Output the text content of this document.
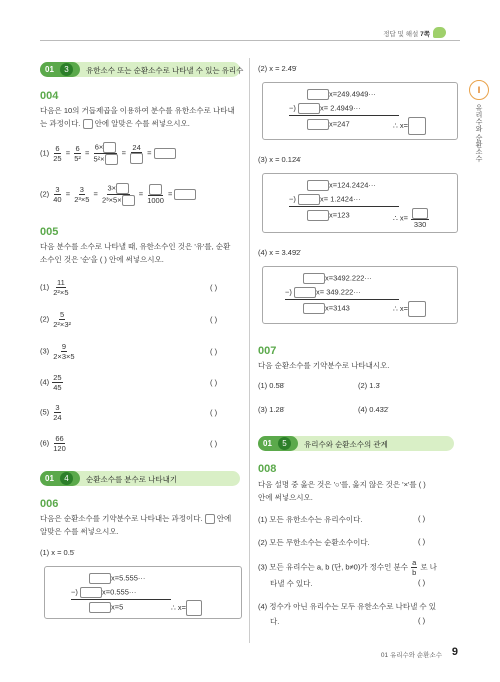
정답 및 해설 7쪽
I
유리수와 순환소수
01	3	유한소수 또는 순환소수로 나타낼 수 있는 유리수
004
다음은 10의 거듭제곱을 이용하여 분수를 유한소수로 나타내
는 과정이다. 안에 알맞은 수를 써넣으시오.
$(1) \frac{6}{25} = \frac{6}{\text{5²}} = \frac{6\times}{\text{5²×}}$ =
24
=
$(2) \frac{3}{40} = \frac{3}{\text{2³×5}} = \frac{3\times}{\text{2³×5×}}$ =
1000
=
005
다음 분수를 소수로 나타낼 때, 유한소수인 것은 '유'를, 순환
소수인 것은 '순'을 ( ) 안에 써넣으시오.
$(1) \frac{11}{\text{2²×5}}$	( )
$(2) \frac{5}{\text{2²×3²}}$	( )
$(3) \frac{9}{2\times 3\times 5}$	( )
$(4) \frac{25}{45}$	( )
$(5) \frac{3}{24}$	( )
$(6) \frac{66}{120}$	( )
01	4	순환소수를 분수로 나타내기
006
다음은 순환소수를 기약분수로 나타내는 과정이다. 안에
알맞은 수를 써넣으시오.
(1) x = 0.5̇
x=5.555···
−)	x=0.555···
x=5	∴ x=
(2) x = 2.4̇9̇
x=249.4949···
−)	x= 2.4949···
x=247	∴ x=
(3) x = 0.12̇4̇
x=124.2424···
−)	x= 1.2424···
x=123	∴ x=
330
(4) x = 3.49̇2̇
x=3492.222···
−)	x= 349.222···
x=3143	∴ x=
007
다음 순환소수를 기약분수로 나타내시오.
(1) 0.5̇8̇	(2) 1.3̇
(3) 1.28̇	(4) 0.43̇2̇
01	5	유리수와 순환소수의 관계
008
다음 설명 중 옳은 것은 '○'를, 옳지 않은 것은 '×'를 ( )
안에 써넣으시오.
(1) 모든 유한소수는 유리수이다.	( )
(2) 모든 무한소수는 순환소수이다.	( )
(3) 모든 유리수는 a, b (단, b≠0)가 정수인 분수 $\frac{a}{b}$ 로 나
타낼 수 있다.	( )
(4) 정수가 아닌 유리수는 모두 유한소수로 나타낼 수 있
다.	( )
01 유리수와 순환소수 9
